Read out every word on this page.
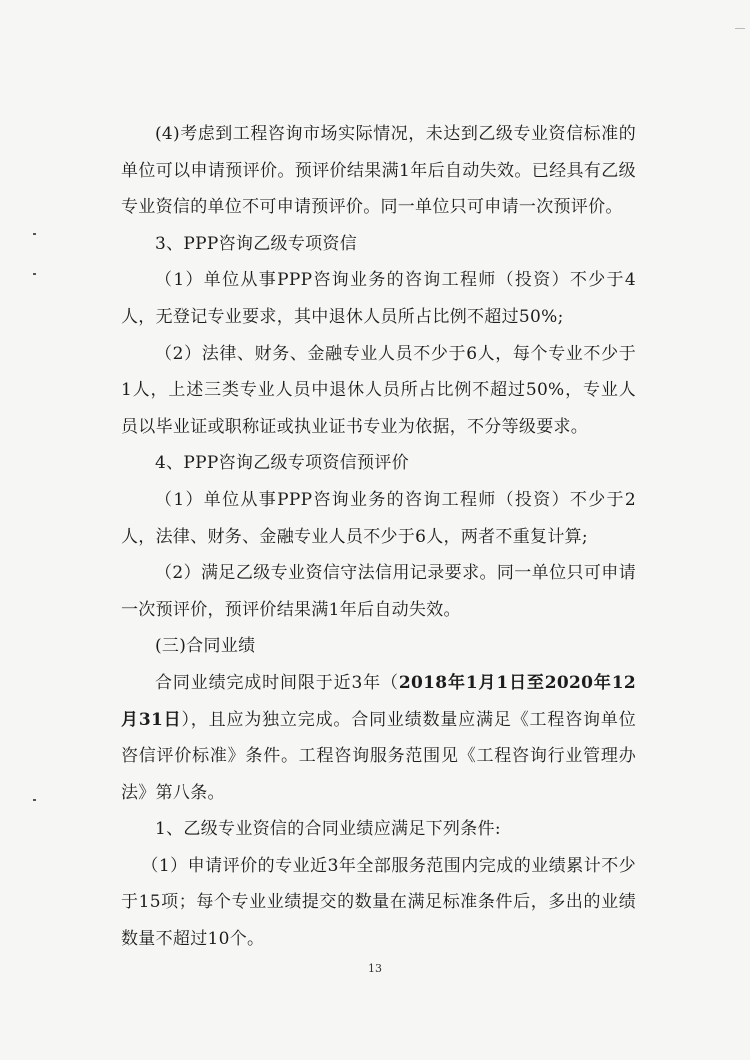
(4)考虑到工程咨询市场实际情况，未达到乙级专业资信标准的单位可以申请预评价。预评价结果满1年后自动失效。已经具有乙级专业资信的单位不可申请预评价。同一单位只可申请一次预评价。

3、PPP咨询乙级专项资信

（1）单位从事PPP咨询业务的咨询工程师（投资）不少于4人，无登记专业要求，其中退休人员所占比例不超过50%;

（2）法律、财务、金融专业人员不少于6人，每个专业不少于1人，上述三类专业人员中退休人员所占比例不超过50%，专业人员以毕业证或职称证或执业证书专业为依据，不分等级要求。

4、PPP咨询乙级专项资信预评价

（1）单位从事PPP咨询业务的咨询工程师（投资）不少于2人，法律、财务、金融专业人员不少于6人，两者不重复计算;

（2）满足乙级专业资信守法信用记录要求。同一单位只可申请一次预评价，预评价结果满1年后自动失效。

(三)合同业绩

合同业绩完成时间限于近3年（2018年1月1日至2020年12月31日），且应为独立完成。合同业绩数量应满足《工程咨询单位咨信评价标准》条件。工程咨询服务范围见《工程咨询行业管理办法》第八条。

1、乙级专业资信的合同业绩应满足下列条件:

（1）申请评价的专业近3年全部服务范围内完成的业绩累计不少于15项；每个专业业绩提交的数量在满足标准条件后，多出的业绩数量不超过10个。

13
